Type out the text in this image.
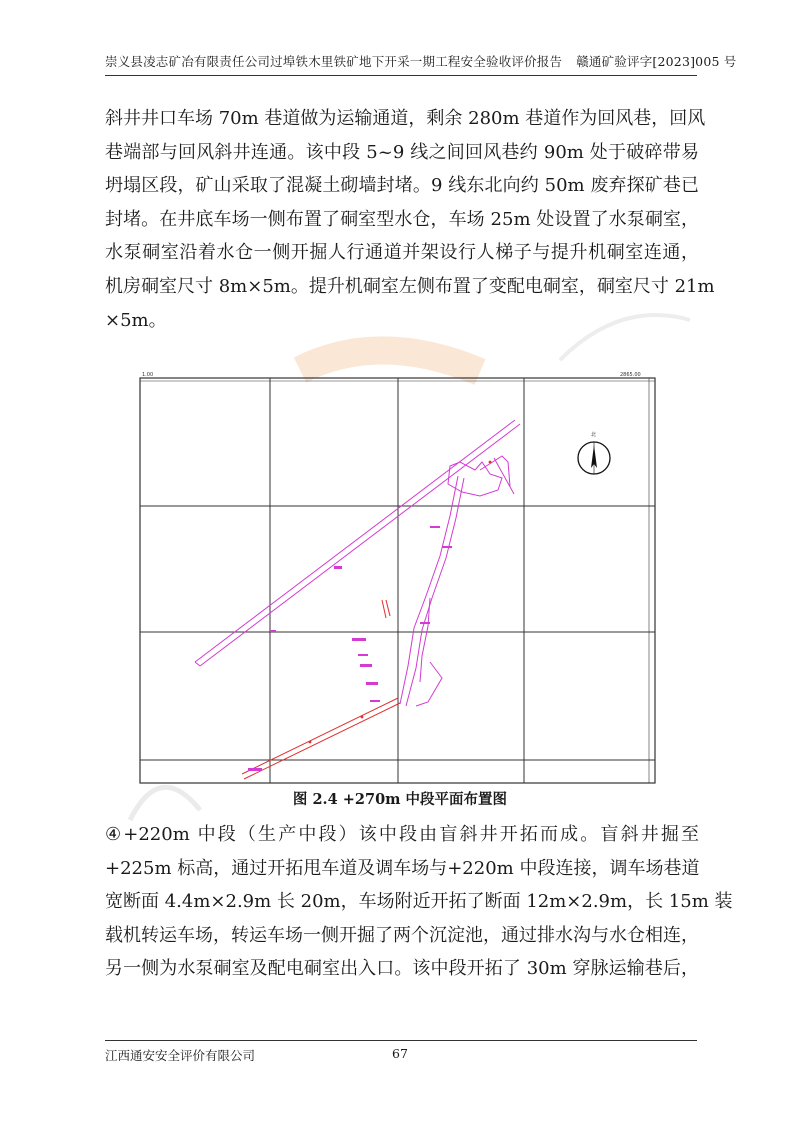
崇义县凌志矿冶有限责任公司过埠铁木里铁矿地下开采一期工程安全验收评价报告 赣通矿验评字[2023]005 号
斜井井口车场 70m 巷道做为运输通道，剩余 280m 巷道作为回风巷，回风
巷端部与回风斜井连通。该中段 5~9 线之间回风巷约 90m 处于破碎带易
坍塌区段，矿山采取了混凝土砌墙封堵。9 线东北向约 50m 废弃探矿巷已
封堵。在井底车场一侧布置了硐室型水仓，车场 25m 处设置了水泵硐室，
水泵硐室沿着水仓一侧开掘人行通道并架设行人梯子与提升机硐室连通，
机房硐室尺寸 8m×5m。提升机硐室左侧布置了变配电硐室，硐室尺寸 21m
×5m。
1.00	2865.00
北
图 2.4 +270m 中段平面布置图
④+220m 中段（生产中段）该中段由盲斜井开拓而成。盲斜井掘至
+225m 标高，通过开拓甩车道及调车场与+220m 中段连接，调车场巷道
宽断面 4.4m×2.9m 长 20m，车场附近开拓了断面 12m×2.9m，长 15m 装
载机转运车场，转运车场一侧开掘了两个沉淀池，通过排水沟与水仓相连，
另一侧为水泵硐室及配电硐室出入口。该中段开拓了 30m 穿脉运输巷后，
江西通安安全评价有限公司	67
